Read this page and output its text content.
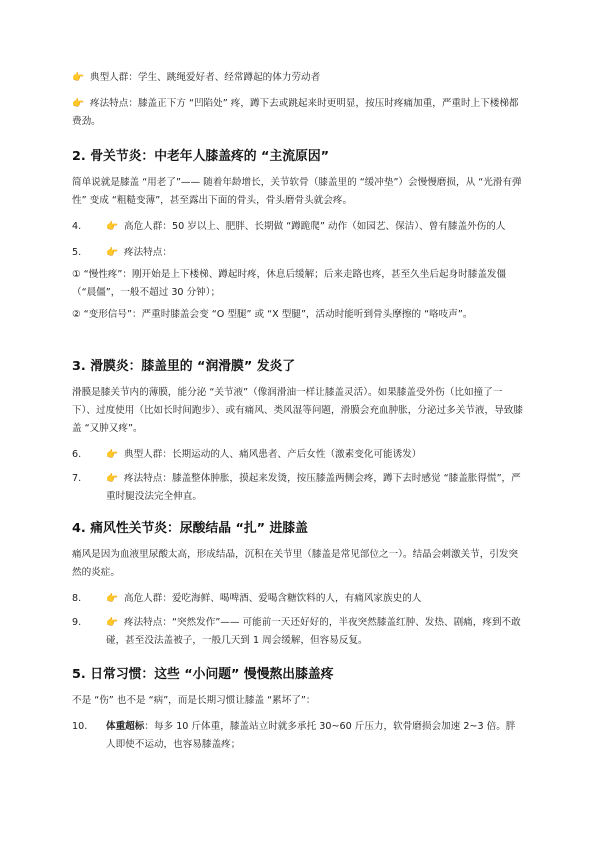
👉 典型人群：学生、跳绳爱好者、经常蹲起的体力劳动者

👉 疼法特点：膝盖正下方 “凹陷处” 疼，蹲下去或跳起来时更明显，按压时疼痛加重，严重时上下楼梯都费劲。

2. 骨关节炎：中老年人膝盖疼的 “主流原因”

简单说就是膝盖 “用老了”—— 随着年龄增长，关节软骨（膝盖里的 “缓冲垫”）会慢慢磨损，从 “光滑有弹性” 变成 “粗糙变薄”，甚至露出下面的骨头，骨头磨骨头就会疼。

4.	👉 高危人群：50 岁以上、肥胖、长期做 “蹲跪爬” 动作（如园艺、保洁）、曾有膝盖外伤的人
5.	👉 疼法特点：

① “慢性疼”：刚开始是上下楼梯、蹲起时疼，休息后缓解；后来走路也疼，甚至久坐后起身时膝盖发僵（“晨僵”，一般不超过 30 分钟）；

② “变形信号”：严重时膝盖会变 “O 型腿” 或 “X 型腿”，活动时能听到骨头摩擦的 “咯吱声”。

3. 滑膜炎：膝盖里的 “润滑膜” 发炎了

滑膜是膝关节内的薄膜，能分泌 “关节液”（像润滑油一样让膝盖灵活）。如果膝盖受外伤（比如撞了一下）、过度使用（比如长时间跑步）、或有痛风、类风湿等问题，滑膜会充血肿胀，分泌过多关节液，导致膝盖 “又肿又疼”。

6.	👉 典型人群：长期运动的人、痛风患者、产后女性（激素变化可能诱发）
7.	👉 疼法特点：膝盖整体肿胀，摸起来发烫，按压膝盖两侧会疼，蹲下去时感觉 “膝盖胀得慌”，严重时腿没法完全伸直。
4. 痛风性关节炎：尿酸结晶 “扎” 进膝盖

痛风是因为血液里尿酸太高，形成结晶，沉积在关节里（膝盖是常见部位之一）。结晶会刺激关节，引发突然的炎症。

8.	👉 高危人群：爱吃海鲜、喝啤酒、爱喝含糖饮料的人，有痛风家族史的人
9.	👉 疼法特点：“突然发作”—— 可能前一天还好好的，半夜突然膝盖红肿、发热、剧痛，疼到不敢碰，甚至没法盖被子，一般几天到 1 周会缓解，但容易反复。
5. 日常习惯：这些 “小问题” 慢慢熬出膝盖疼

不是 “伤” 也不是 “病”，而是长期习惯让膝盖 “累坏了”：

10.	体重超标：每多 10 斤体重，膝盖站立时就多承托 30~60 斤压力，软骨磨损会加速 2~3 倍。胖人即使不运动，也容易膝盖疼；
